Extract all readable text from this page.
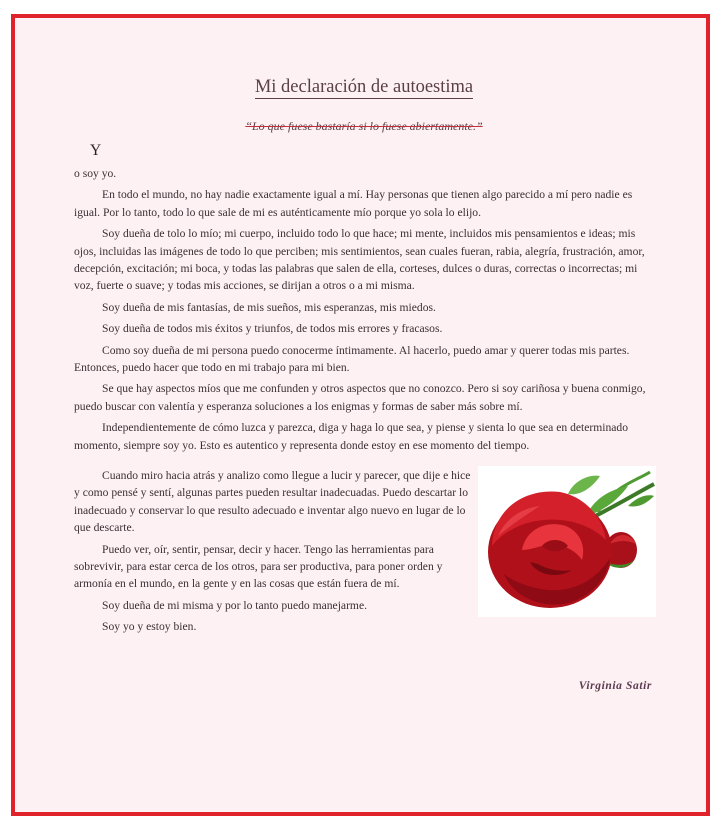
Mi declaración de autoestima
“Lo que fuese bastaría si lo fuese abiertamente.”
Y

o soy yo.

En todo el mundo, no hay nadie exactamente igual a mí. Hay personas que tienen algo parecido a mí pero nadie es igual. Por lo tanto, todo lo que sale de mi es auténticamente mío porque yo sola lo elijo.

Soy dueña de tolo lo mío; mi cuerpo, incluido todo lo que hace; mi mente, incluidos mis pensamientos e ideas; mis ojos, incluidas las imágenes de todo lo que perciben; mis sentimientos, sean cuales fueran, rabia, alegría, frustración, amor, decepción, excitación; mi boca, y todas las palabras que salen de ella, corteses, dulces o duras, correctas o incorrectas; mi voz, fuerte o suave; y todas mis acciones, se dirijan a otros o a mi misma.

Soy dueña de mis fantasías, de mis sueños, mis esperanzas, mis miedos.

Soy dueña de todos mis éxitos y triunfos, de todos mis errores y fracasos.

Como soy dueña de mi persona puedo conocerme íntimamente. Al hacerlo, puedo amar y querer todas mis partes. Entonces, puedo hacer que todo en mi trabajo para mi bien.

Se que hay aspectos míos que me confunden y otros aspectos que no conozco. Pero si soy cariñosa y buena conmigo, puedo buscar con valentía y esperanza soluciones a los enigmas y formas de saber más sobre mí.

Independientemente de cómo luzca y parezca, diga y haga lo que sea, y piense y sienta lo que sea en determinado momento, siempre soy yo. Esto es autentico y representa donde estoy en ese momento del tiempo.

Cuando miro hacia atrás y analizo como llegue a lucir y parecer, que dije e hice y como pensé y sentí, algunas partes pueden resultar inadecuadas. Puedo descartar lo inadecuado y conservar lo que resulto adecuado e inventar algo nuevo en lugar de lo que descarte.

Puedo ver, oír, sentir, pensar, decir y hacer. Tengo las herramientas para sobrevivir, para estar cerca de los otros, para ser productiva, para poner orden y armonía en el mundo, en la gente y en las cosas que están fuera de mí.

Soy dueña de mi misma y por lo tanto puedo manejarme.

Soy yo y estoy bien.

Virginia Satir
